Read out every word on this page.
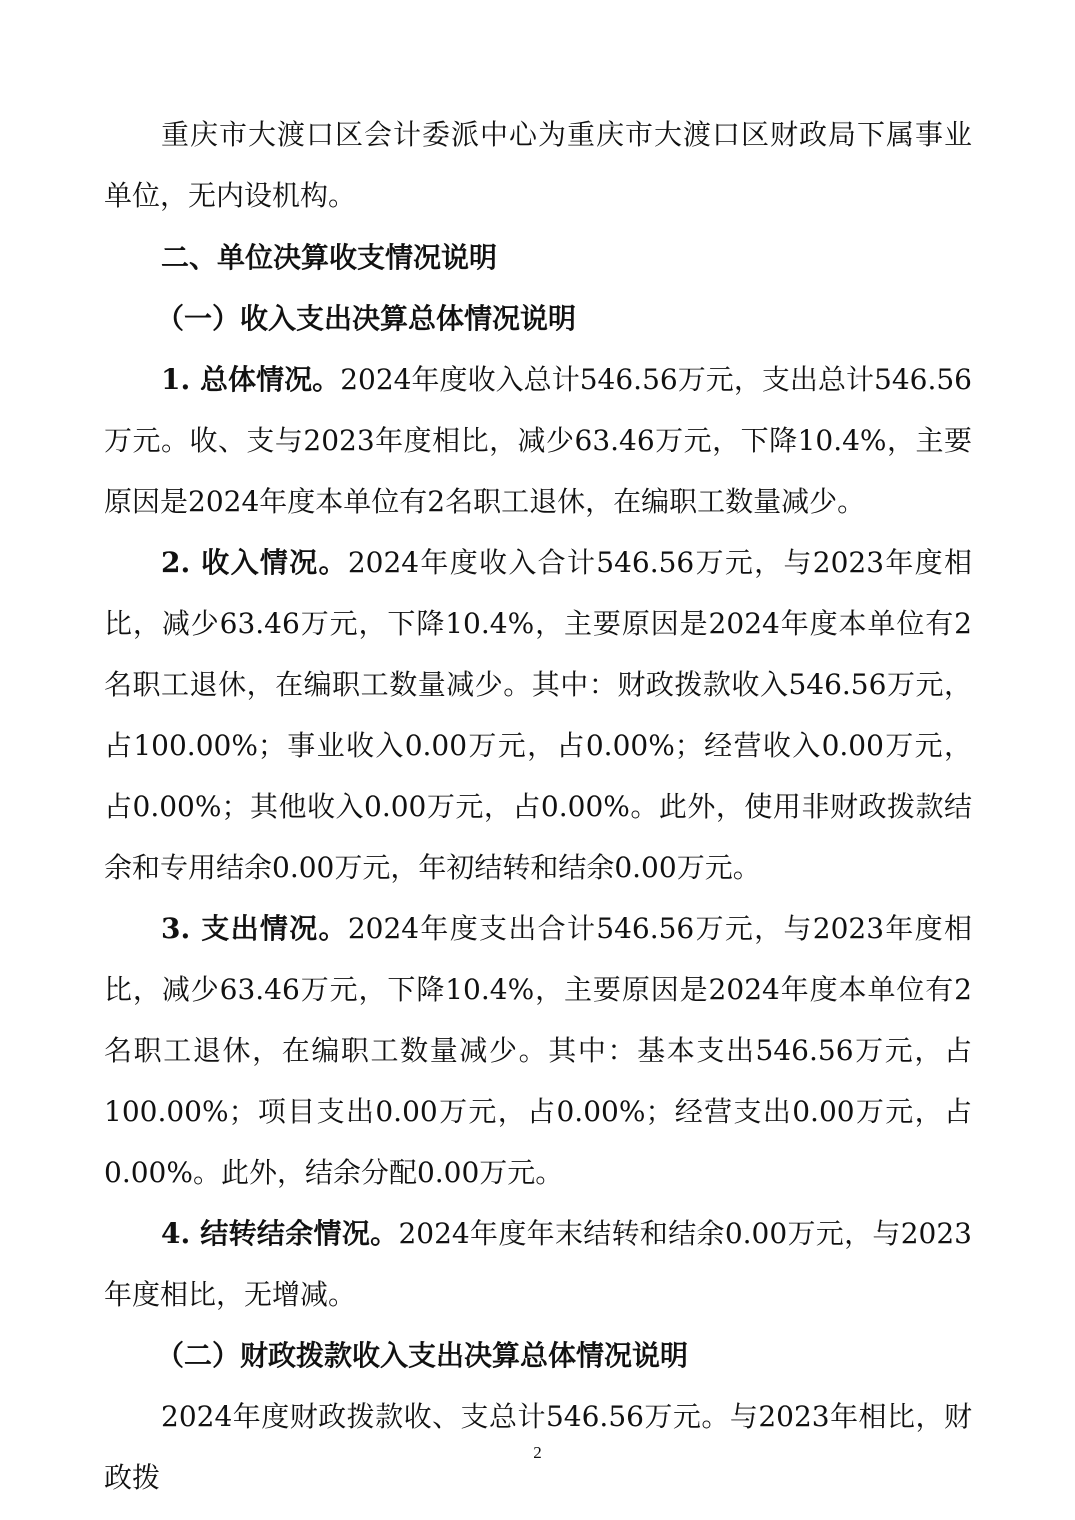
重庆市大渡口区会计委派中心为重庆市大渡口区财政局下属事业单位，无内设机构。

二、单位决算收支情况说明

（一）收入支出决算总体情况说明

1. 总体情况。2024年度收入总计546.56万元，支出总计546.56万元。收、支与2023年度相比，减少63.46万元，下降10.4%，主要原因是2024年度本单位有2名职工退休，在编职工数量减少。

2. 收入情况。2024年度收入合计546.56万元，与2023年度相比，减少63.46万元，下降10.4%，主要原因是2024年度本单位有2名职工退休，在编职工数量减少。其中：财政拨款收入546.56万元，占100.00%；事业收入0.00万元，占0.00%；经营收入0.00万元，占0.00%；其他收入0.00万元，占0.00%。此外，使用非财政拨款结余和专用结余0.00万元，年初结转和结余0.00万元。

3. 支出情况。2024年度支出合计546.56万元，与2023年度相比，减少63.46万元，下降10.4%，主要原因是2024年度本单位有2名职工退休，在编职工数量减少。其中：基本支出546.56万元，占100.00%；项目支出0.00万元，占0.00%；经营支出0.00万元，占0.00%。此外，结余分配0.00万元。

4. 结转结余情况。2024年度年末结转和结余0.00万元，与2023年度相比，无增减。

（二）财政拨款收入支出决算总体情况说明

2024年度财政拨款收、支总计546.56万元。与2023年相比，财政拨

2
